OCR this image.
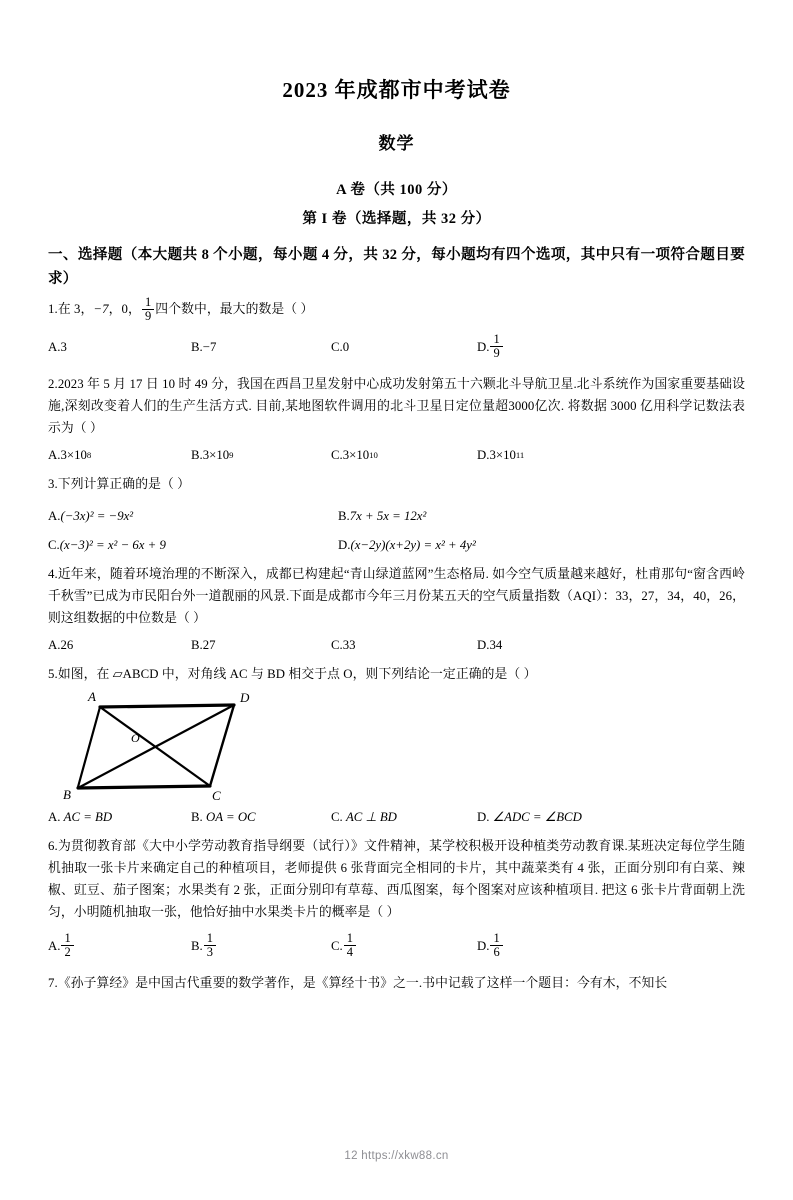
2023 年成都市中考试卷
数学
A 卷（共 100 分）
第 I 卷（选择题，共 32 分）
一、选择题（本大题共 8 个小题，每小题 4 分，共 32 分，每小题均有四个选项，其中只有一项符合题目要求）
1.在 3，−7，0， $\frac{1}{9}$ 四个数中，最大的数是（ ）
A. 3	B. −7	C. 0	D. $\frac{1}{9}$
2.2023 年 5 月 17 日 10 时 49 分，我国在西昌卫星发射中心成功发射第五十六颗北斗导航卫星.北斗系统作为国家重要基础设施,深刻改变着人们的生产生活方式. 目前,某地图软件调用的北斗卫星日定位量超3000亿次. 将数据 3000 亿用科学记数法表示为（ ）
A. 3×10 8	B. 3×10 9	C. 3×10 10	D. 3×10 11
3.下列计算正确的是（ ）
A. (−3x)² = −9x²	B. 7x + 5x = 12x²
C. (x−3)² = x² − 6x + 9	D. (x−2y)(x+2y) = x² + 4y²
4.近年来，随着环境治理的不断深入，成都已构建起“青山绿道蓝网”生态格局. 如今空气质量越来越好，杜甫那句“窗含西岭千秋雪”已成为市民阳台外一道靓丽的风景.下面是成都市今年三月份某五天的空气质量指数（AQI）：33，27，34，40，26，则这组数据的中位数是（ ）
A. 26	B. 27	C. 33	D. 34
5.如图，在 ▱ABCD 中，对角线 AC 与 BD 相交于点 O，则下列结论一定正确的是（ ）
A	D
B	C
O
A.
AC = BD	B.
OA = OC	C.
AC ⊥ BD	D.
∠ADC = ∠BCD
6.为贯彻教育部《大中小学劳动教育指导纲要（试行）》文件精神，某学校积极开设种植类劳动教育课.某班决定每位学生随机抽取一张卡片来确定自己的种植项目，老师提供 6 张背面完全相同的卡片，其中蔬菜类有 4 张，正面分别印有白菜、辣椒、豇豆、茄子图案；水果类有 2 张，正面分别印有草莓、西瓜图案，每个图案对应该种植项目. 把这 6 张卡片背面朝上洗匀，小明随机抽取一张，他恰好抽中水果类卡片的概率是（ ）
A. $\frac{1}{2}$	B. $\frac{1}{3}$	C. $\frac{1}{4}$	D. $\frac{1}{6}$
7.《孙子算经》是中国古代重要的数学著作，是《算经十书》之一.书中记载了这样一个题目：今有木，不知长
12 https://xkw88.cn
